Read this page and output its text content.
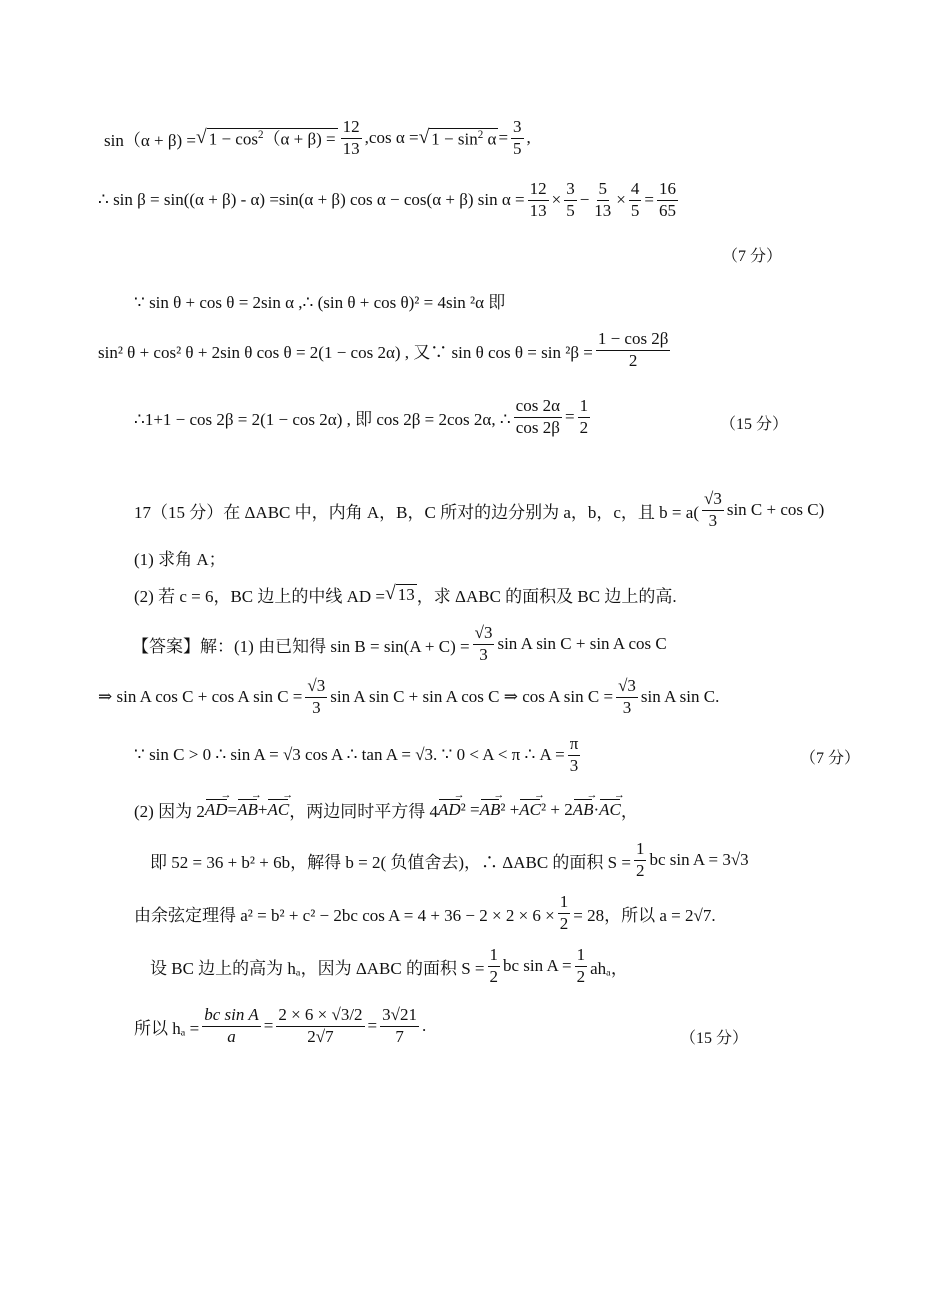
sin（α + β) = √ $1 - \cos^2(\alpha + \beta) = \frac{12}{13} ,\cos$ α = √ $1 - \sin^2 \alpha = \frac{3}{5}$ ,
∴ sin β = sin((α + β) - α) =sin(α + β) cos α − cos(α + β) $\sin \alpha = \frac{12}{13} \times \frac{3}{5} - \frac{5}{13} \times \frac{4}{5} = \frac{16}{65}$
（7 分）
∵ sin θ + cos θ = 2sin α ,∴ (sin θ + cos θ)² = 4sin ²α 即
sin² θ + cos² θ + 2sin θ cos θ = 2(1 − cos 2α) , 又∵ sin θ $\cos \theta = \sin ^2\beta = \frac{1 - \cos 2\beta}{2}$
∴1+1 − cos 2β = 2(1 − cos 2α) , 即 cos 2β = 2cos 2α, ∴ $\frac{\cos 2\alpha}{\cos 2\beta} = \frac{1}{2}$	（15 分）
17（15 分）在 ΔABC 中，内角 A，B，C 所对的边分别为 a，b，c，且 $b = a( \frac{√3}{3}$ sin C + cos C)
(1) 求角 A；
(2) 若 c = 6，BC 边上的中线 AD = √ 13 ，求 ΔABC 的面积及 BC 边上的高.
【答案】解：(1) 由已知得 $\sin B = \sin(A + C) = \frac{√3}{3}$ sin A sin C + sin A cos C
⇒ sin A cos C + cos A $\sin C = \frac{√3}{3}$ sin A sin C + sin A cos C ⇒ cos A $\sin C = \frac{√3}{3}$ sin A sin C.
∵ sin C > 0 ∴ sin A = √3 cos A ∴ tan A = √3. ∵ 0 < A < π ∴ $A = \frac{\pi}{3}$	（7 分）
(2) 因为 2 AD → = AB → + AC → ，两边同时平方得 4 AD → ² = AB → ² + AC → ² + 2 AB → · AC → ，
即 52 = 36 + b² + 6b，解得 b = 2( 负值舍去)，∴ ΔABC 的面积 $S = \frac{1}{2}$ bc sin A = 3√3
由余弦定理得 a² = b² + c² − 2bc $\cos A = 4 + 36 - 2 \times 2 \times 6 \times \frac{1}{2} = 28$，所以 a = 2√7.
设 BC 边上的高为 hₐ，因为 ΔABC 的面积 $S = \frac{1}{2}$ bc $\sin A = \frac{1}{2}$ ahₐ，
所以 $h_a = \frac{\text{bc sin A}}{a} = \frac{2 \times 6 \times √3/2}{2√7} = \frac{3√21}{7}$ .
（15 分）
